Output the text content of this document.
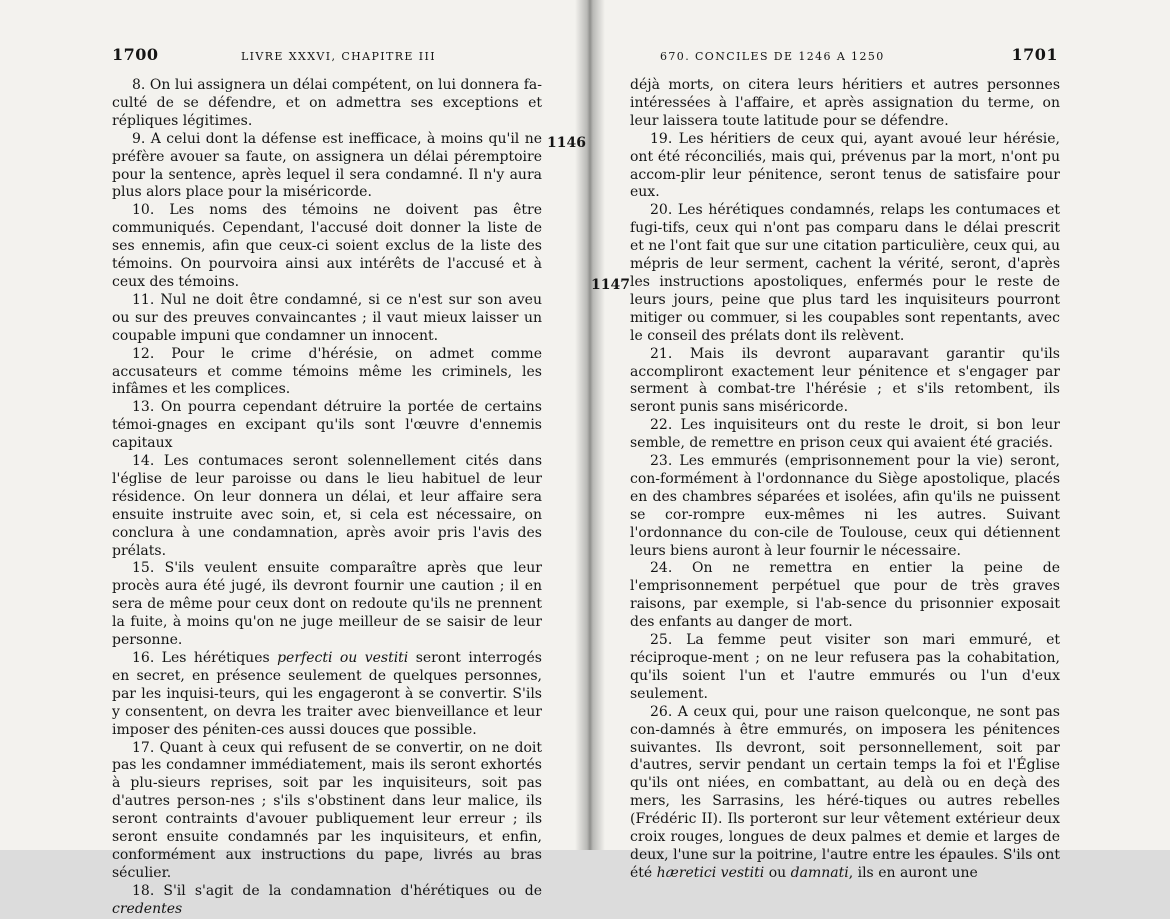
1700	LIVRE XXXVI, CHAPITRE III
1146

8. On lui assignera un délai compétent, on lui donnera fa-culté de se défendre, et on admettra ses exceptions et répliques légitimes.

9. A celui dont la défense est inefficace, à moins qu'il ne préfère avouer sa faute, on assignera un délai péremptoire pour la sentence, après lequel il sera condamné. Il n'y aura plus alors place pour la miséricorde.

10. Les noms des témoins ne doivent pas être communiqués. Cependant, l'accusé doit donner la liste de ses ennemis, afin que ceux-ci soient exclus de la liste des témoins. On pourvoira ainsi aux intérêts de l'accusé et à ceux des témoins.

11. Nul ne doit être condamné, si ce n'est sur son aveu ou sur des preuves convaincantes ; il vaut mieux laisser un coupable impuni que condamner un innocent.

12. Pour le crime d'hérésie, on admet comme accusateurs et comme témoins même les criminels, les infâmes et les complices.

13. On pourra cependant détruire la portée de certains témoi-gnages en excipant qu'ils sont l'œuvre d'ennemis capitaux

14. Les contumaces seront solennellement cités dans l'église de leur paroisse ou dans le lieu habituel de leur résidence. On leur donnera un délai, et leur affaire sera ensuite instruite avec soin, et, si cela est nécessaire, on conclura à une condamnation, après avoir pris l'avis des prélats.

15. S'ils veulent ensuite comparaître après que leur procès aura été jugé, ils devront fournir une caution ; il en sera de même pour ceux dont on redoute qu'ils ne prennent la fuite, à moins qu'on ne juge meilleur de se saisir de leur personne.

16. Les hérétiques perfecti ou vestiti seront interrogés en secret, en présence seulement de quelques personnes, par les inquisi-teurs, qui les engageront à se convertir. S'ils y consentent, on devra les traiter avec bienveillance et leur imposer des péniten-ces aussi douces que possible.

17. Quant à ceux qui refusent de se convertir, on ne doit pas les condamner immédiatement, mais ils seront exhortés à plu-sieurs reprises, soit par les inquisiteurs, soit pas d'autres person-nes ; s'ils s'obstinent dans leur malice, ils seront contraints d'avouer publiquement leur erreur ; ils seront ensuite condamnés par les inquisiteurs, et enfin, conformément aux instructions du pape, livrés au bras séculier.

18. S'il s'agit de la condamnation d'hérétiques ou de credentes

670. CONCILES DE 1246 A 1250	1701

déjà morts, on citera leurs héritiers et autres personnes intéressées à l'affaire, et après assignation du terme, on leur laissera toute latitude pour se défendre.

19. Les héritiers de ceux qui, ayant avoué leur hérésie, ont été réconciliés, mais qui, prévenus par la mort, n'ont pu accom-plir leur pénitence, seront tenus de satisfaire pour eux.

20. Les hérétiques condamnés, relaps les contumaces et fugi-tifs, ceux qui n'ont pas comparu dans le délai prescrit et ne l'ont fait que sur une citation particulière, ceux qui, au mépris de leur serment, cachent la vérité, seront, d'après les instructions apostoliques, enfermés pour le reste de leurs jours, peine que plus tard les inquisiteurs pourront mitiger ou commuer, si les coupables sont repentants, avec le conseil des prélats dont ils relèvent.

21. Mais ils devront auparavant garantir qu'ils accompliront exactement leur pénitence et s'engager par serment à combat-tre l'hérésie ; et s'ils retombent, ils seront punis sans miséricorde.

22. Les inquisiteurs ont du reste le droit, si bon leur semble, de remettre en prison ceux qui avaient été graciés.

23. Les emmurés (emprisonnement pour la vie) seront, con-formément à l'ordonnance du Siège apostolique, placés en des chambres séparées et isolées, afin qu'ils ne puissent se cor-rompre eux-mêmes ni les autres. Suivant l'ordonnance du con-cile de Toulouse, ceux qui détiennent leurs biens auront à leur fournir le nécessaire.

24. On ne remettra en entier la peine de l'emprisonnement perpétuel que pour de très graves raisons, par exemple, si l'ab-sence du prisonnier exposait des enfants au danger de mort.

25. La femme peut visiter son mari emmuré, et réciproque-ment ; on ne leur refusera pas la cohabitation, qu'ils soient l'un et l'autre emmurés ou l'un d'eux seulement.

26. A ceux qui, pour une raison quelconque, ne sont pas con-damnés à être emmurés, on imposera les pénitences suivantes. Ils devront, soit personnellement, soit par d'autres, servir pendant un certain temps la foi et l'Église qu'ils ont niées, en combattant, au delà ou en deçà des mers, les Sarrasins, les héré-tiques ou autres rebelles (Frédéric II). Ils porteront sur leur vêtement extérieur deux croix rouges, longues de deux palmes et demie et larges de deux, l'une sur la poitrine, l'autre entre les épaules. S'ils ont été hæretici vestiti ou damnati, ils en auront une

1147
